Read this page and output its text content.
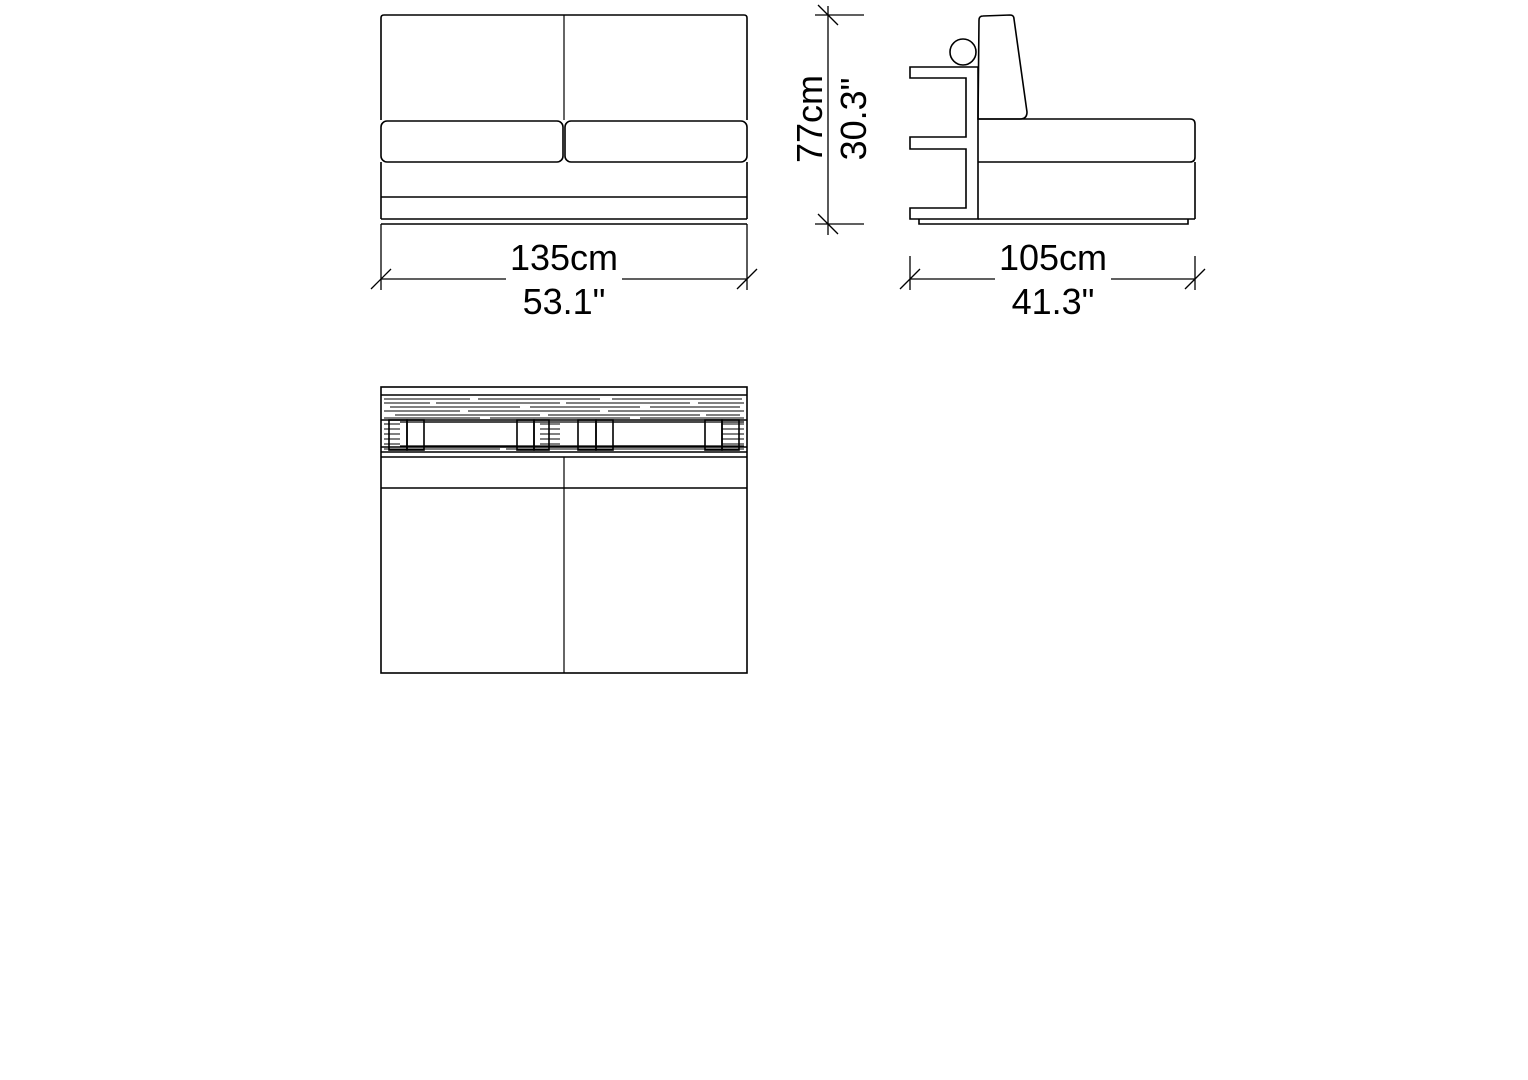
135cm
53.1"
77cm 30.3"
105cm
41.3"
